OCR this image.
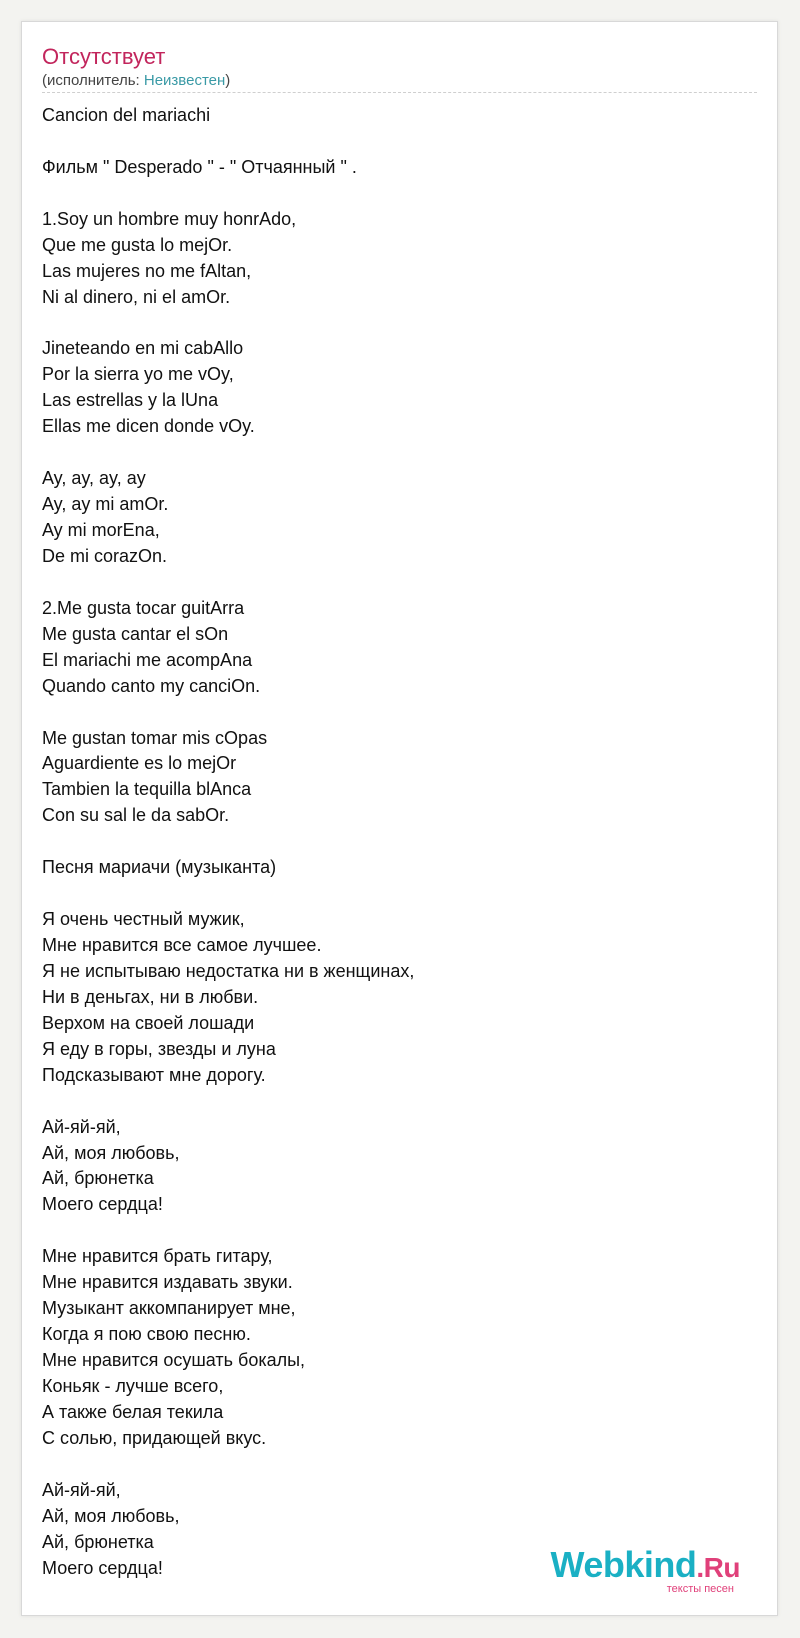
Отсутствует
(исполнитель: Неизвестен)
Cancion del mariachi
Фильм " Desperado " - " Отчаянный " .
1.Soy un hombre muy honrAdo,
Que me gusta lo mejOr.
Las mujeres no me fAltan,
Ni al dinero, ni el amOr.
Jineteando en mi cabAllo
Por la sierra yo me vOy,
Las estrellas y la lUna
Ellas me dicen donde vOy.
Ay, ay, ay, ay
Ay, ay mi amOr.
Ay mi morEna,
De mi corazOn.
2.Me gusta tocar guitArra
Me gusta cantar el sOn
El mariachi me acompAna
Quando canto my canciOn.
Me gustan tomar mis cOpas
Aguardiente es lo mejOr
Tambien la tequilla blAnca
Con su sal le da sabOr.
Песня мариачи (музыканта)
Я очень честный мужик,
Мне нравится все самое лучшее.
Я не испытываю недостатка ни в женщинах,
Ни в деньгах, ни в любви.
Верхом на своей лошади
Я еду в горы, звезды и луна
Подсказывают мне дорогу.
Ай-яй-яй,
Ай, моя любовь,
Ай, брюнетка
Моего сердца!
Мне нравится брать гитару,
Мне нравится издавать звуки.
Музыкант аккомпанирует мне,
Когда я пою свою песню.
Мне нравится осушать бокалы,
Коньяк - лучше всего,
А также белая текила
С солью, придающей вкус.
Ай-яй-яй,
Ай, моя любовь,
Ай, брюнетка
Моего сердца!	Webkind.Ru
тексты песен
